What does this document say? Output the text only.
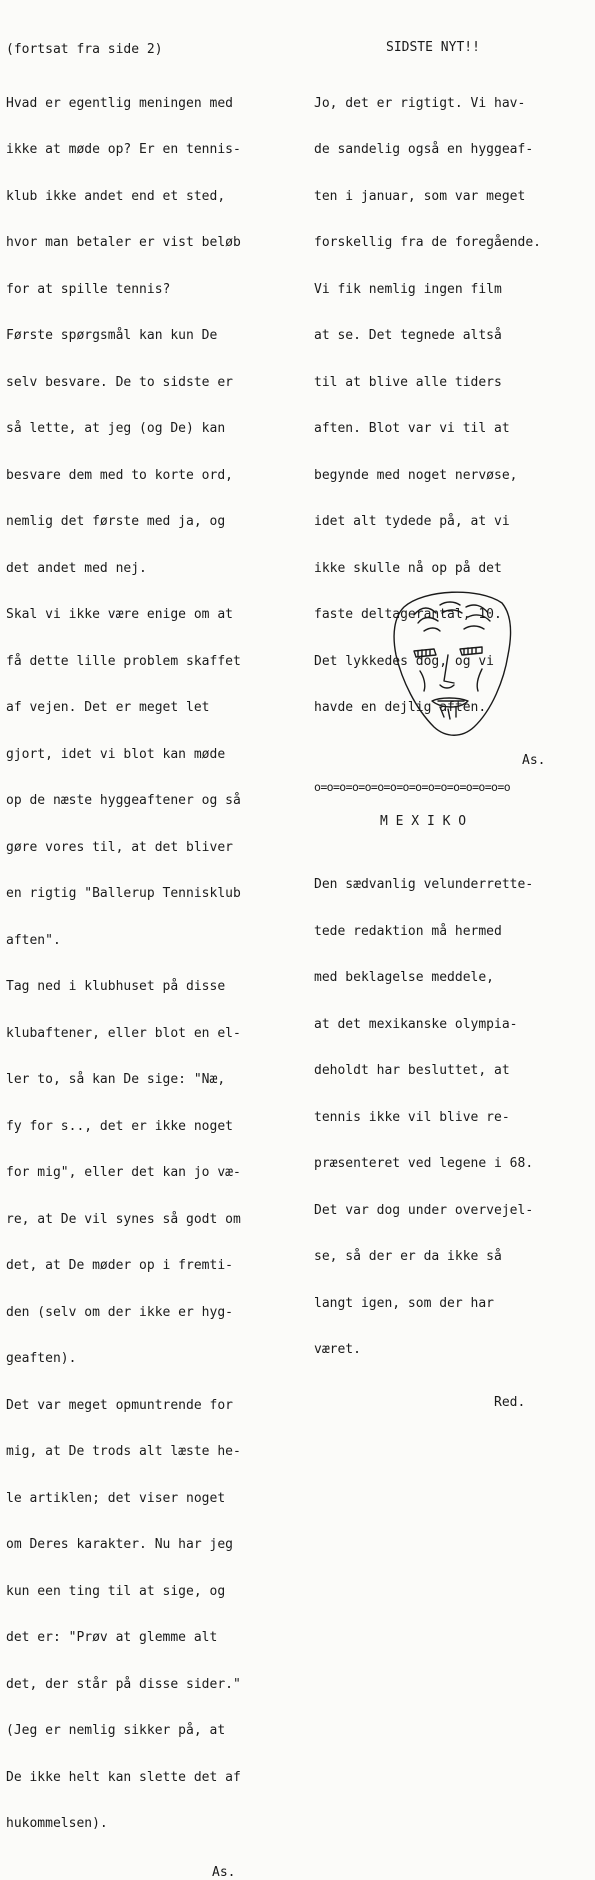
(fortsat fra side 2)

Hvad er egentlig meningen med

ikke at møde op? Er en tennis-

klub ikke andet end et sted,

hvor man betaler er vist beløb

for at spille tennis?

Første spørgsmål kan kun De

selv besvare. De to sidste er

så lette, at jeg (og De) kan

besvare dem med to korte ord,

nemlig det første med ja, og

det andet med nej.

Skal vi ikke være enige om at

få dette lille problem skaffet

af vejen. Det er meget let

gjort, idet vi blot kan møde

op de næste hyggeaftener og så

gøre vores til, at det bliver

en rigtig "Ballerup Tennisklub

aften".

Tag ned i klubhuset på disse

klubaftener, eller blot en el-

ler to, så kan De sige: "Næ,

fy for s.., det er ikke noget

for mig", eller det kan jo væ-

re, at De vil synes så godt om

det, at De møder op i fremti-

den (selv om der ikke er hyg-

geaften).

Det var meget opmuntrende for

mig, at De trods alt læste he-

le artiklen; det viser noget

om Deres karakter. Nu har jeg

kun een ting til at sige, og

det er: "Prøv at glemme alt

det, der står på disse sider."

(Jeg er nemlig sikker på, at

De ikke helt kan slette det af

hukommelsen).

As.
SIDSTE NYT!!

Jo, det er rigtigt. Vi hav-

de sandelig også en hyggeaf-

ten i januar, som var meget

forskellig fra de foregående.

Vi fik nemlig ingen film

at se. Det tegnede altså

til at blive alle tiders

aften. Blot var vi til at

begynde med noget nervøse,

idet alt tydede på, at vi

ikke skulle nå op på det

faste deltagerantal, 10.

Det lykkedes dog, og vi

havde en dejlig aften.

As.
o=o=o=o=o=o=o=o=o=o=o=o=o=o=o=o
M E X I K O

Den sædvanlig velunderrette-

tede redaktion må hermed

med beklagelse meddele,

at det mexikanske olympia-

deholdt har besluttet, at

tennis ikke vil blive re-

præsenteret ved legene i 68.

Det var dog under overvejel-

se, så der er da ikke så

langt igen, som der har

været.

Red.
